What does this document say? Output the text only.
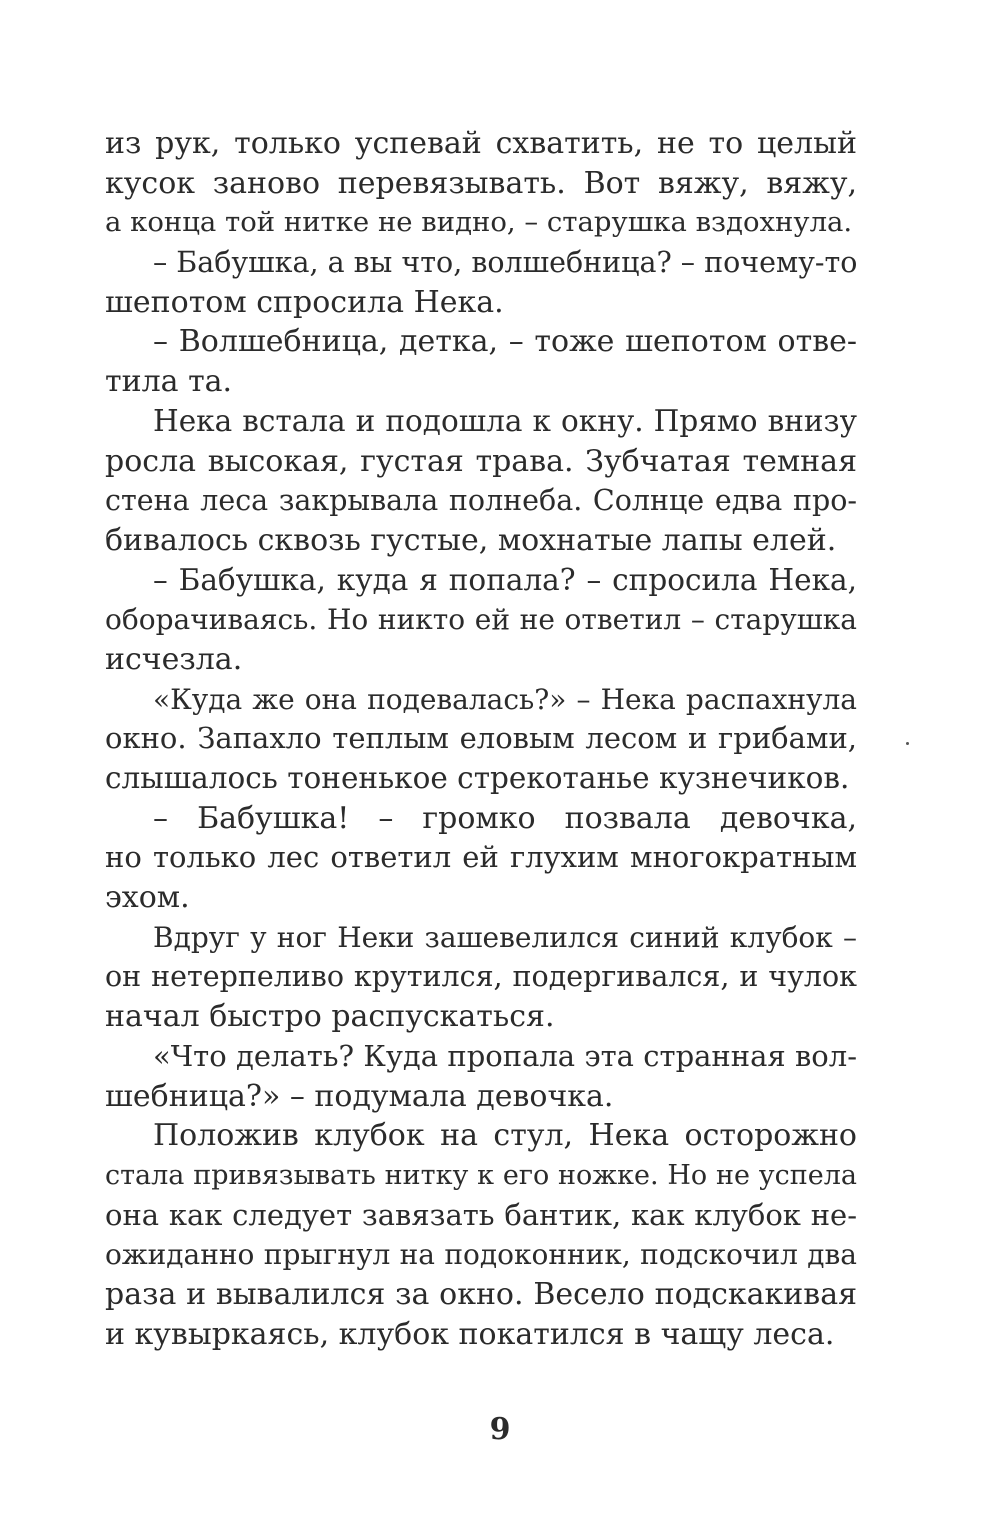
из рук, только успевай схватить, не то целый
кусок заново перевязывать. Вот вяжу, вяжу,
а конца той нитке не видно, – старушка вздохнула.
– Бабушка, а вы что, волшебница? – почему-то
шепотом спросила Нека.
– Волшебница, детка, – тоже шепотом отве-
тила та.
Нека встала и подошла к окну. Прямо внизу
росла высокая, густая трава. Зубчатая темная
стена леса закрывала полнеба. Солнце едва про-
бивалось сквозь густые, мохнатые лапы елей.
– Бабушка, куда я попала? – спросила Нека,
оборачиваясь. Но никто ей не ответил – старушка
исчезла.
«Куда же она подевалась?» – Нека распахнула
окно. Запахло теплым еловым лесом и грибами,
слышалось тоненькое стрекотанье кузнечиков.
– Бабушка! – громко позвала девочка,
но только лес ответил ей глухим многократным
эхом.
Вдруг у ног Неки зашевелился синий клубок –
он нетерпеливо крутился, подергивался, и чулок
начал быстро распускаться.
«Что делать? Куда пропала эта странная вол-
шебница?» – подумала девочка.
Положив клубок на стул, Нека осторожно
стала привязывать нитку к его ножке. Но не успела
она как следует завязать бантик, как клубок не-
ожиданно прыгнул на подоконник, подскочил два
раза и вывалился за окно. Весело подскакивая
и кувыркаясь, клубок покатился в чащу леса.
9
